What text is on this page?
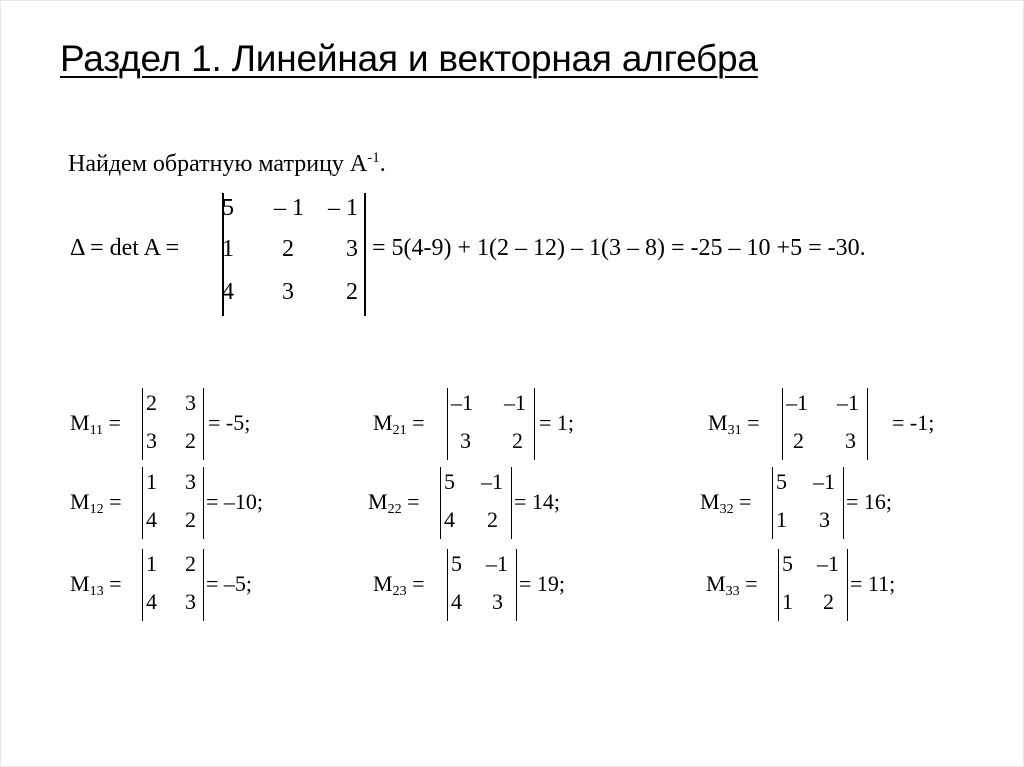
Раздел 1. Линейная и векторная алгебра
Найдем обратную матрицу $A^{-1}$.
Δ = det A =
5	– 1	– 1
1	2	3
4	3	2
= 5(4-9) + 1(2 – 12) – 1(3 – 8) = -25 – 10 +5 = -30.
$M_{11}$ =
2 3
3 2
= -5;	$M_{21}$ =
–1 –1
3 2
= 1;	$M_{31}$ =
–1 –1
2 3
= -1;
$M_{12}$ =
1 3
4 2
= –10;	$M_{22}$ =
5 –1
4 2
= 14;	$M_{32}$ =
5 –1
1 3
= 16;
$M_{13}$ =
1 2
4 3
= –5;	$M_{23}$ =
5 –1
4 3
= 19;	$M_{33}$ =
5 –1
1 2
= 11;
